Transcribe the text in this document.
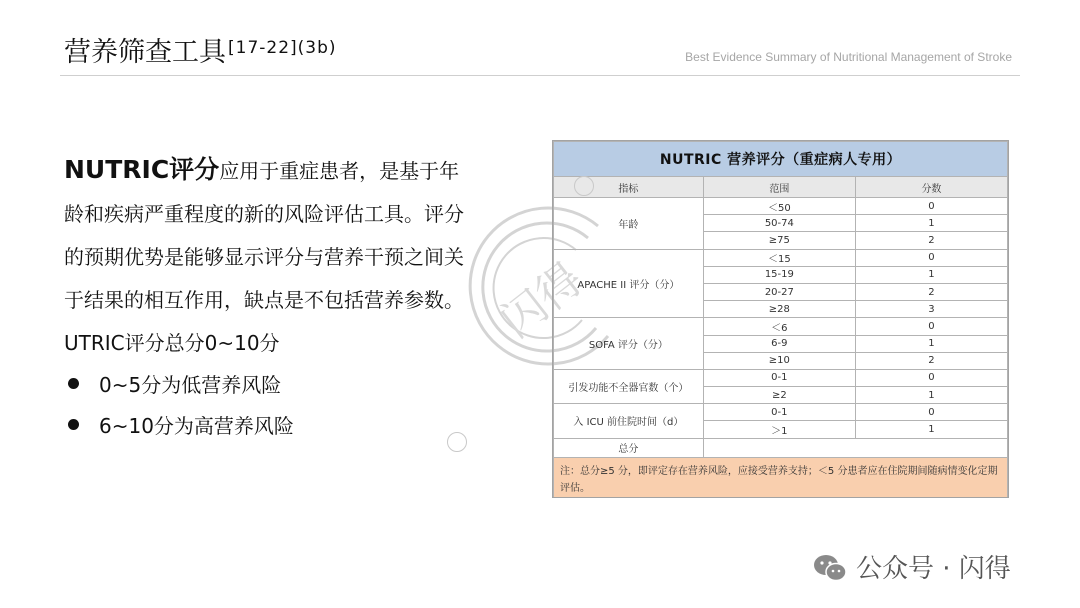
营养筛查工具 $^{[17-22](3b)}$	Best Evidence Summary of Nutritional Management of Stroke
NUTRIC评分应用于重症患者，是基于年龄和疾病严重程度的新的风险评估工具。评分的预期优势是能够显示评分与营养干预之间关于结果的相互作用，缺点是不包括营养参数。
UTRIC评分总分0~10分
0~5分为低营养风险
6~10分为高营养风险
闪得
NUTRIC 营养评分（重症病人专用）		
指标	范围	分数
年龄	＜50	0
	50-74	1
	≥75	2
APACHE II 评分（分）	＜15	0
	15-19	1
	20-27	2
	≥28	3
SOFA 评分（分）	＜6	0
	6-9	1
	≥10	2
引发功能不全器官数（个）	0-1	0
	≥2	1
入 ICU 前住院时间（d）	0-1	0
	＞1	1
总分		
注：总分≥5 分，即评定存在营养风险，应接受营养支持；＜5 分患者应在住院期间随病情变化定期评估。		
公众号 · 闪得
